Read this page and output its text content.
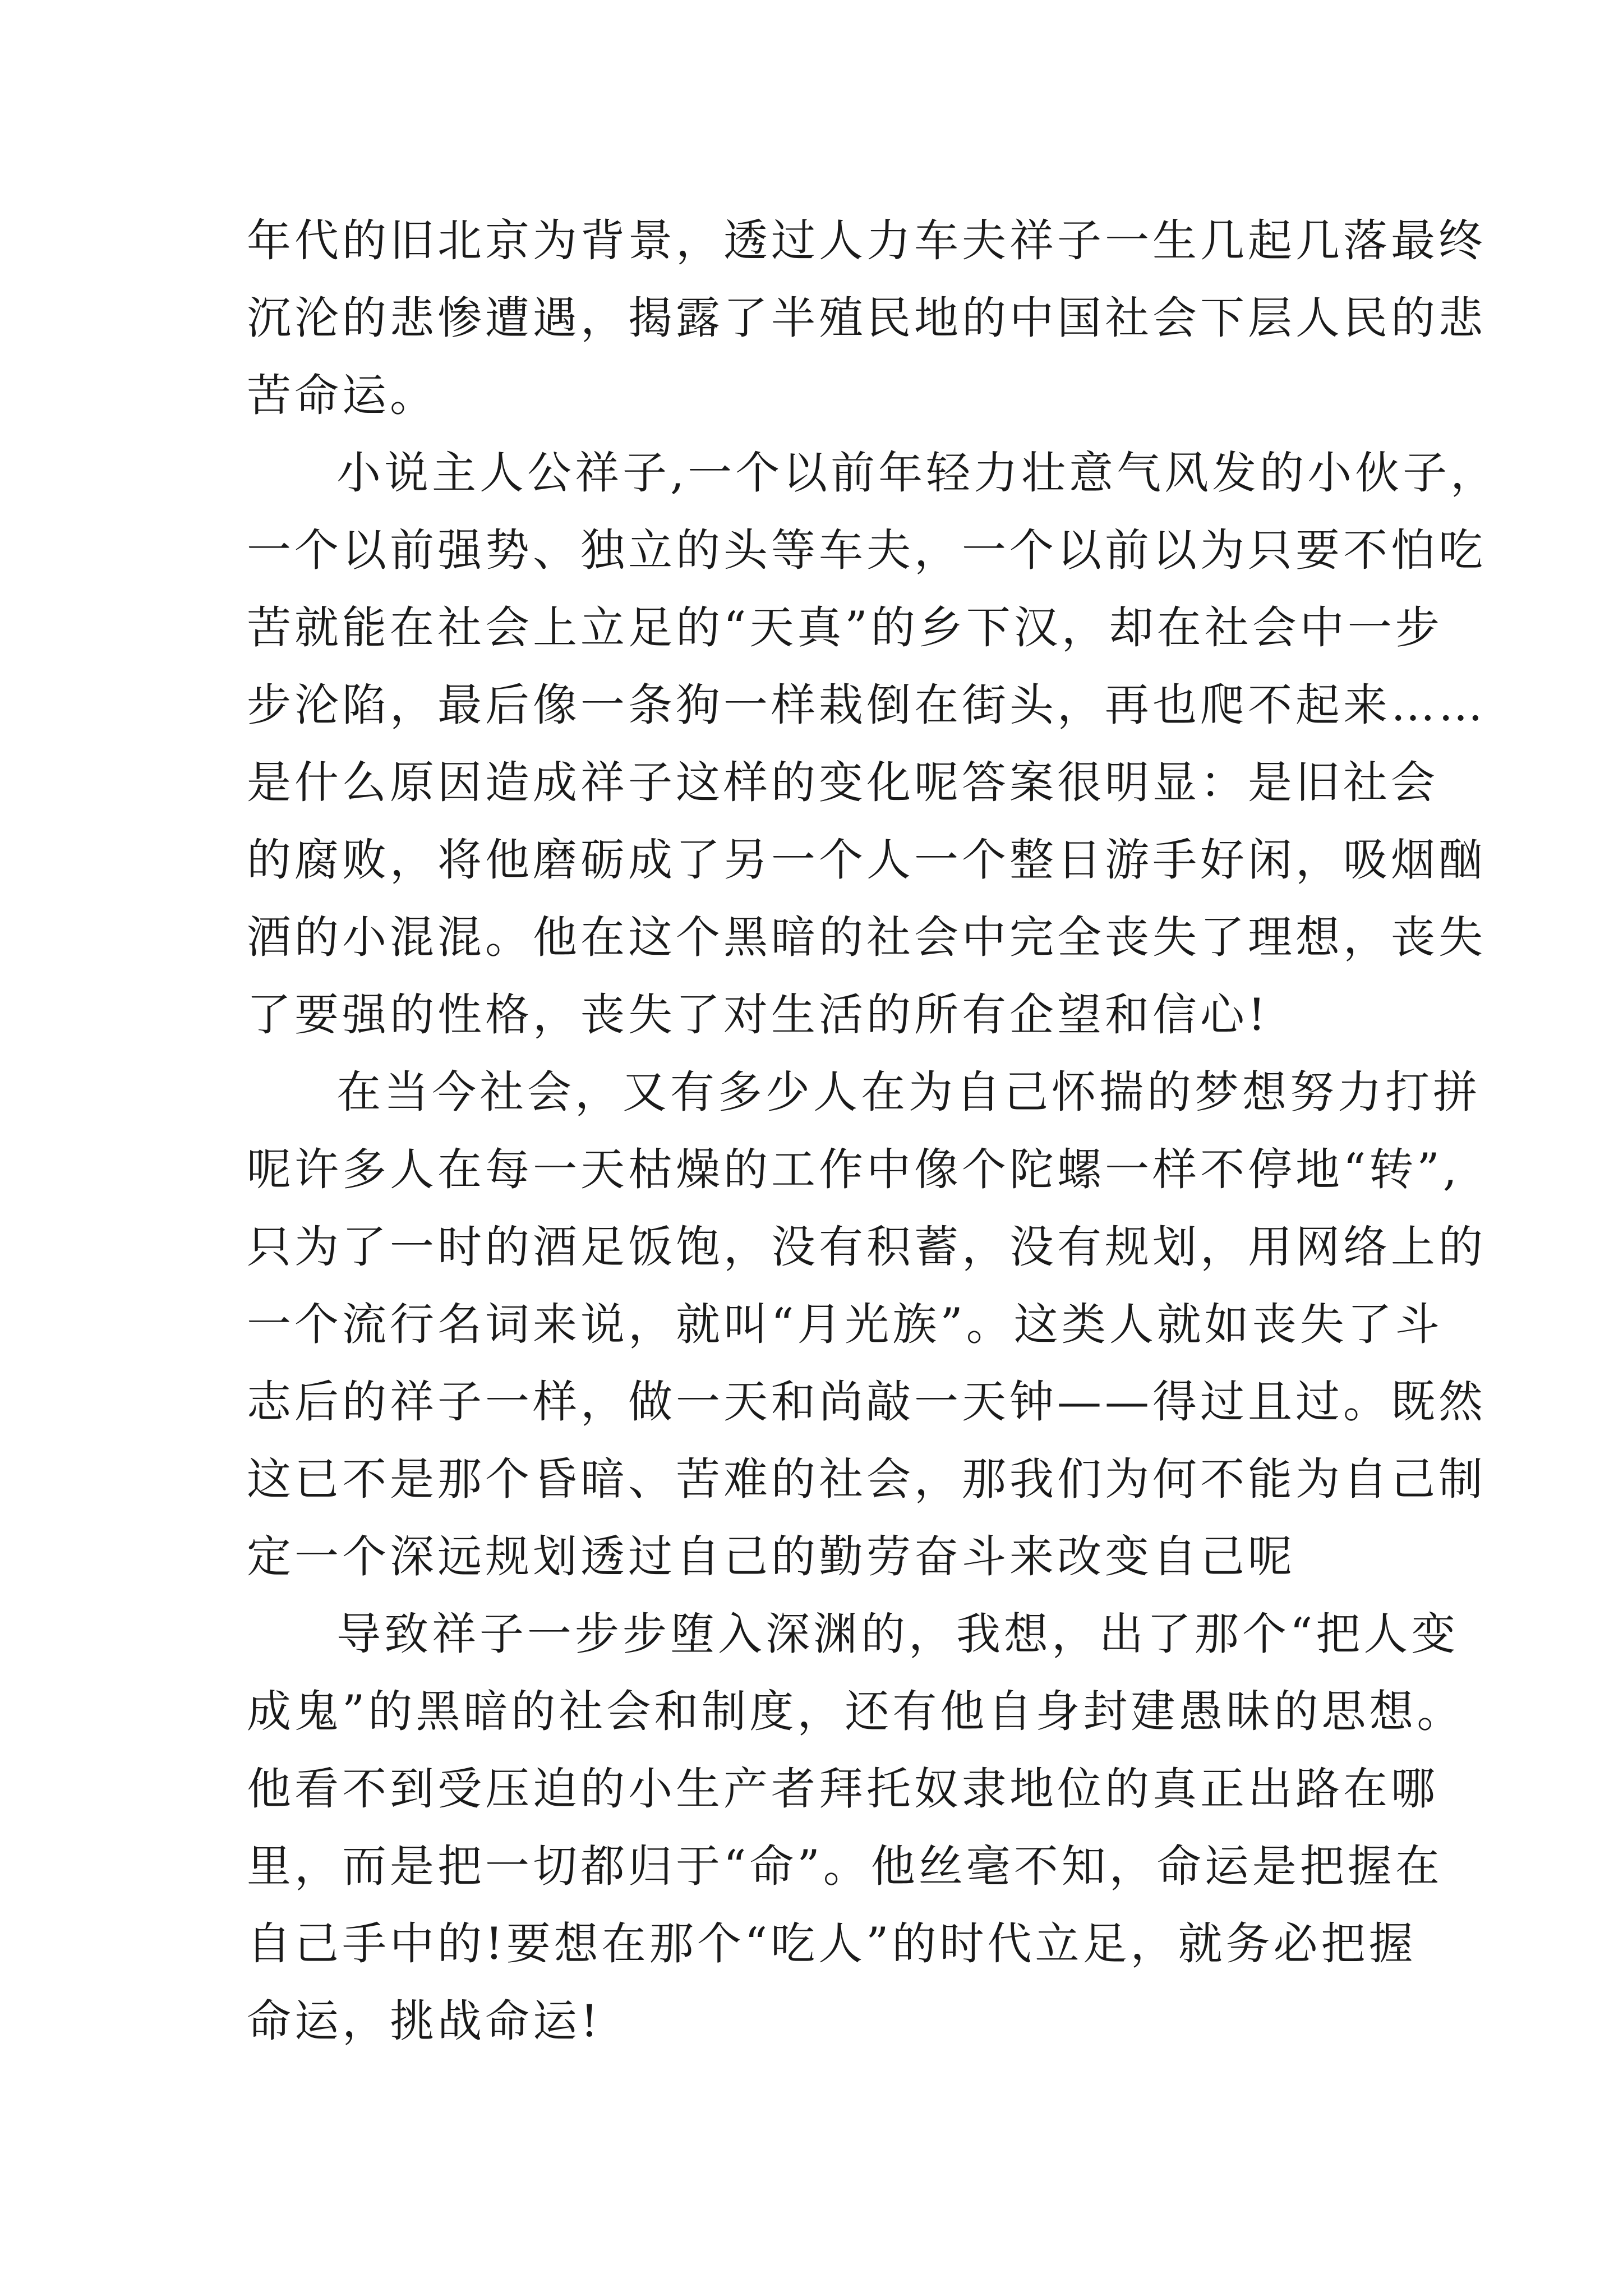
年代的旧北京为背景，透过人力车夫祥子一生几起几落最终
沉沦的悲惨遭遇，揭露了半殖民地的中国社会下层人民的悲
苦命运。
小说主人公祥子,一个以前年轻力壮意气风发的小伙子，
一个以前强势、独立的头等车夫，一个以前以为只要不怕吃
苦就能在社会上立足的“天真”的乡下汉，却在社会中一步
步沦陷，最后像一条狗一样栽倒在街头，再也爬不起来……
是什么原因造成祥子这样的变化呢答案很明显：是旧社会
的腐败，将他磨砺成了另一个人一个整日游手好闲，吸烟酗
酒的小混混。他在这个黑暗的社会中完全丧失了理想，丧失
了要强的性格，丧失了对生活的所有企望和信心!
在当今社会，又有多少人在为自己怀揣的梦想努力打拼
呢许多人在每一天枯燥的工作中像个陀螺一样不停地“转”,
只为了一时的酒足饭饱，没有积蓄，没有规划，用网络上的
一个流行名词来说，就叫“月光族”。这类人就如丧失了斗
志后的祥子一样，做一天和尚敲一天钟——得过且过。既然
这已不是那个昏暗、苦难的社会，那我们为何不能为自己制
定一个深远规划透过自己的勤劳奋斗来改变自己呢
导致祥子一步步堕入深渊的，我想，出了那个“把人变
成鬼”的黑暗的社会和制度，还有他自身封建愚昧的思想。
他看不到受压迫的小生产者拜托奴隶地位的真正出路在哪
里，而是把一切都归于“命”。他丝毫不知，命运是把握在
自己手中的!要想在那个“吃人”的时代立足，就务必把握
命运，挑战命运!
